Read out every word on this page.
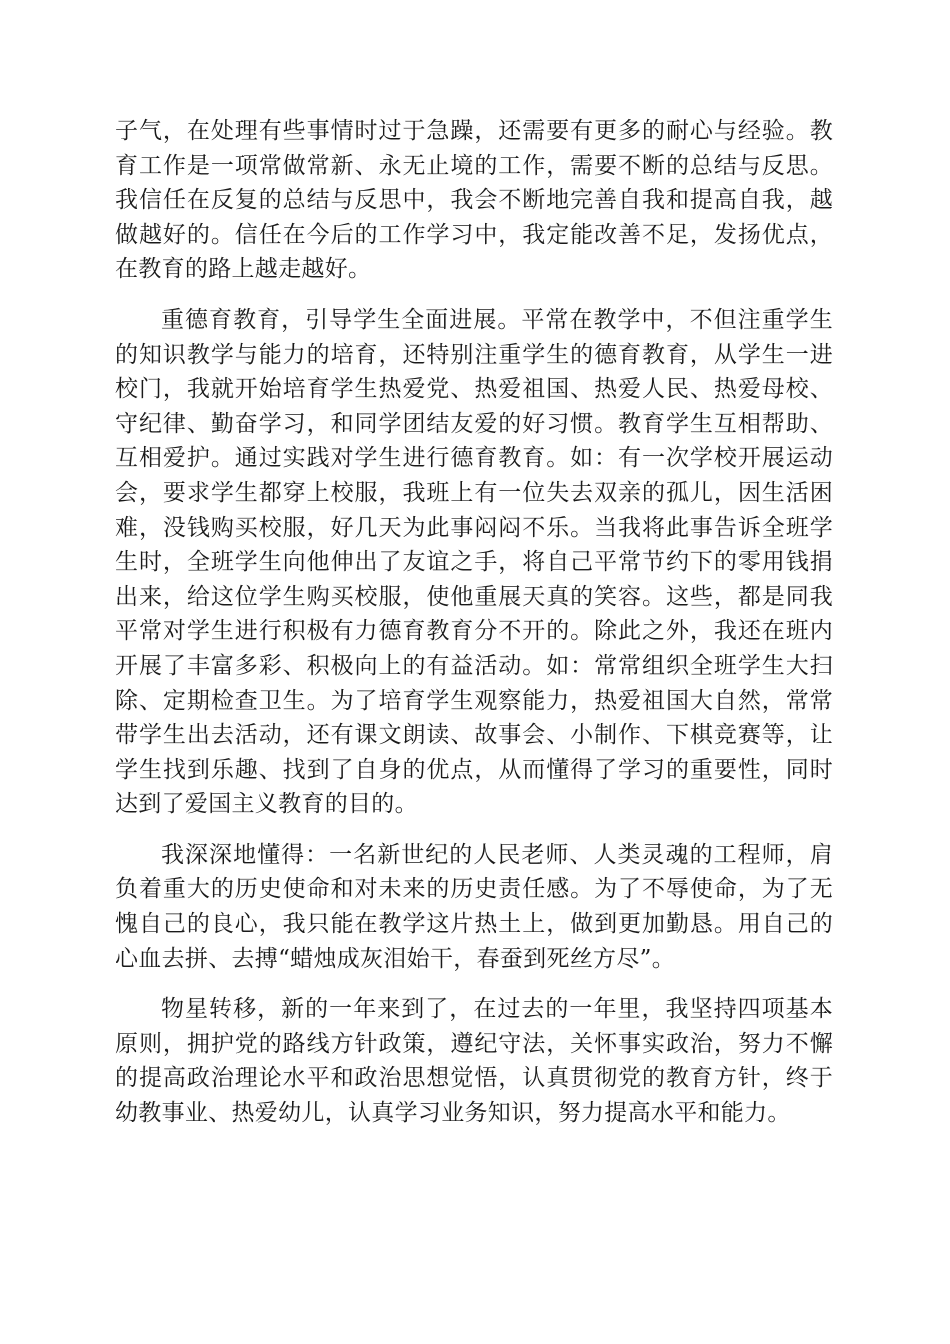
子气，在处理有些事情时过于急躁，还需要有更多的耐心与经验。教育工作是一项常做常新、永无止境的工作，需要不断的总结与反思。我信任在反复的总结与反思中，我会不断地完善自我和提高自我，越做越好的。信任在今后的工作学习中，我定能改善不足，发扬优点，在教育的路上越走越好。

重德育教育，引导学生全面进展。平常在教学中，不但注重学生的知识教学与能力的培育，还特别注重学生的德育教育，从学生一进校门，我就开始培育学生热爱党、热爱祖国、热爱人民、热爱母校、守纪律、勤奋学习，和同学团结友爱的好习惯。教育学生互相帮助、互相爱护。通过实践对学生进行德育教育。如：有一次学校开展运动会，要求学生都穿上校服，我班上有一位失去双亲的孤儿，因生活困难，没钱购买校服，好几天为此事闷闷不乐。当我将此事告诉全班学生时，全班学生向他伸出了友谊之手，将自己平常节约下的零用钱捐出来，给这位学生购买校服，使他重展天真的笑容。这些，都是同我平常对学生进行积极有力德育教育分不开的。除此之外，我还在班内开展了丰富多彩、积极向上的有益活动。如：常常组织全班学生大扫除、定期检查卫生。为了培育学生观察能力，热爱祖国大自然，常常带学生出去活动，还有课文朗读、故事会、小制作、下棋竞赛等，让学生找到乐趣、找到了自身的优点，从而懂得了学习的重要性，同时达到了爱国主义教育的目的。

我深深地懂得：一名新世纪的人民老师、人类灵魂的工程师，肩负着重大的历史使命和对未来的历史责任感。为了不辱使命，为了无愧自己的良心，我只能在教学这片热土上，做到更加勤恳。用自己的心血去拼、去搏“蜡烛成灰泪始干，春蚕到死丝方尽”。

物星转移，新的一年来到了，在过去的一年里，我坚持四项基本原则，拥护党的路线方针政策，遵纪守法，关怀事实政治，努力不懈的提高政治理论水平和政治思想觉悟，认真贯彻党的教育方针，终于幼教事业、热爱幼儿，认真学习业务知识，努力提高水平和能力。
